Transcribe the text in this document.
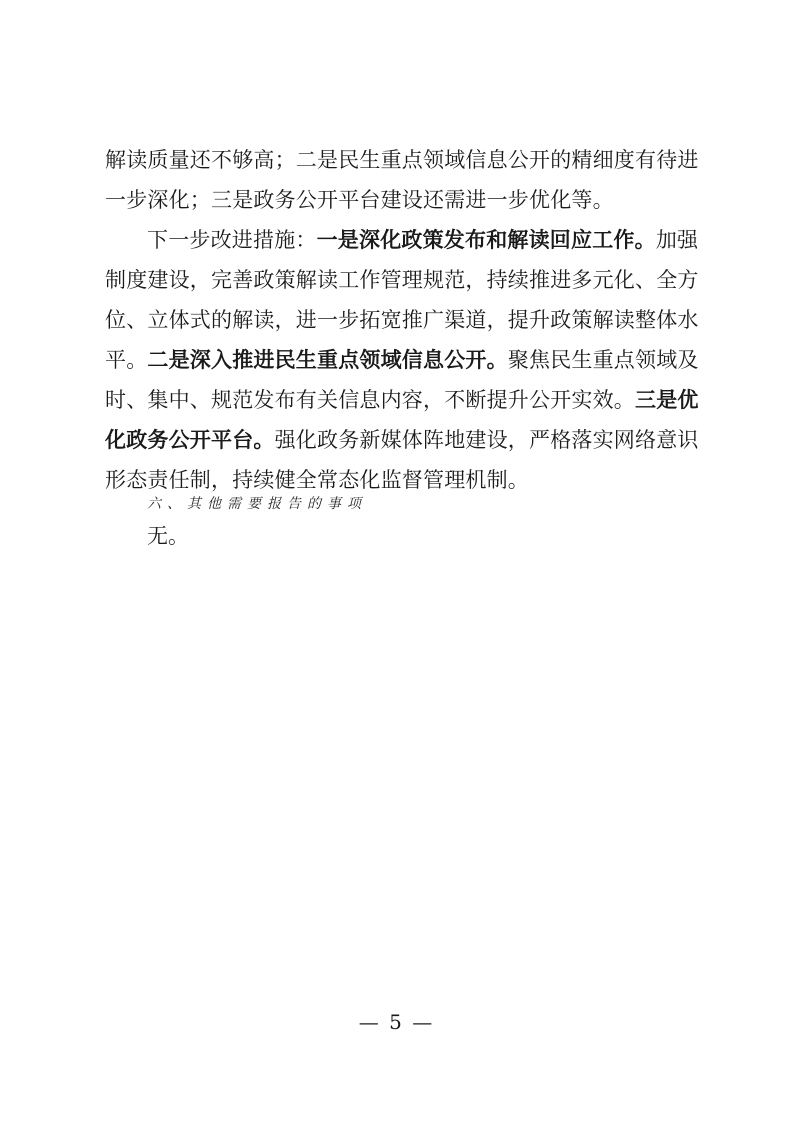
解读质量还不够高；二是民生重点领域信息公开的精细度有待进
一步深化；三是政务公开平台建设还需进一步优化等。
下一步改进措施：一是深化政策发布和解读回应工作。加强
制度建设，完善政策解读工作管理规范，持续推进多元化、全方
位、立体式的解读，进一步拓宽推广渠道，提升政策解读整体水
平。二是深入推进民生重点领域信息公开。聚焦民生重点领域及
时、集中、规范发布有关信息内容，不断提升公开实效。三是优
化政务公开平台。强化政务新媒体阵地建设，严格落实网络意识
形态责任制，持续健全常态化监督管理机制。
六、其他需要报告的事项
无。
— 5 —
